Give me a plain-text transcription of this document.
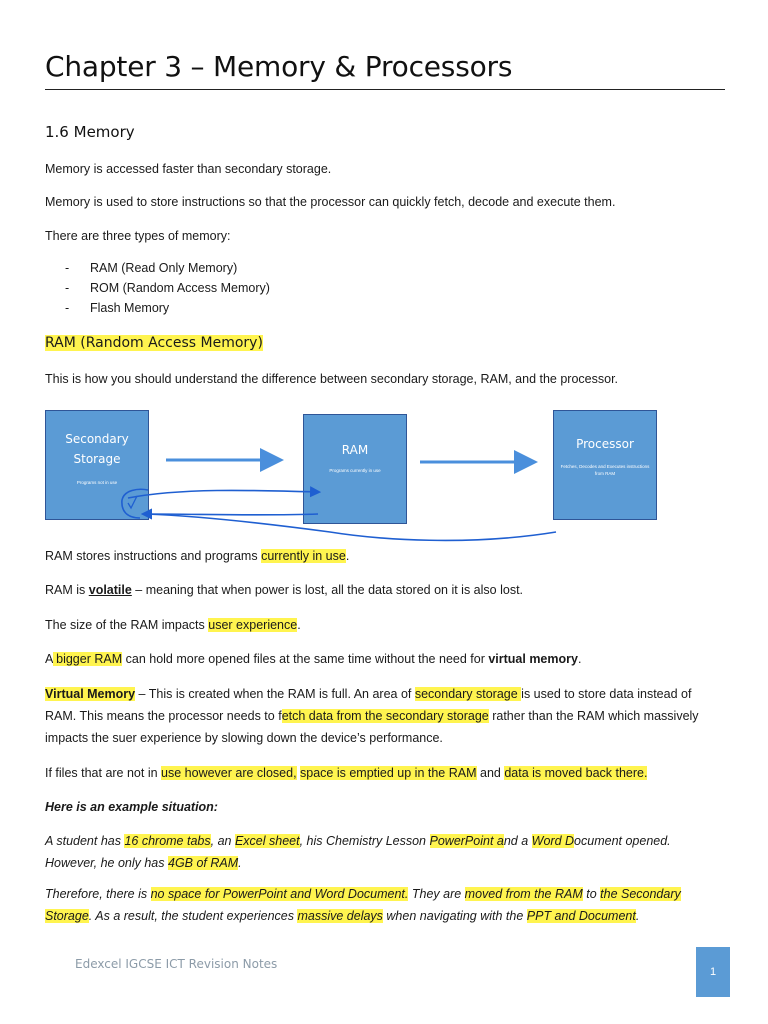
Chapter 3 – Memory & Processors
1.6 Memory

Memory is accessed faster than secondary storage.

Memory is used to store instructions so that the processor can quickly fetch, decode and execute them.

There are three types of memory:

- RAM (Read Only Memory)
- ROM (Random Access Memory)
- Flash Memory

RAM (Random Access Memory)

This is how you should understand the difference between secondary storage, RAM, and the processor.

Secondary Storage
Programs not in use
RAM
Programs currently in use
Processor
Fetches, Decodes and Executes instructions from RAM

RAM stores instructions and programs currently in use.

RAM is volatile – meaning that when power is lost, all the data stored on it is also lost.

The size of the RAM impacts user experience.

A bigger RAM can hold more opened files at the same time without the need for virtual memory.

Virtual Memory – This is created when the RAM is full. An area of secondary storage is used to store data instead of RAM. This means the processor needs to fetch data from the secondary storage rather than the RAM which massively impacts the suer experience by slowing down the device’s performance.

If files that are not in use however are closed, space is emptied up in the RAM and data is moved back there.

Here is an example situation:

A student has 16 chrome tabs, an Excel sheet, his Chemistry Lesson PowerPoint and a Word Document opened. However, he only has 4GB of RAM.

Therefore, there is no space for PowerPoint and Word Document. They are moved from the RAM to the Secondary Storage. As a result, the student experiences massive delays when navigating with the PPT and Document.

Edexcel IGCSE ICT Revision Notes
1
